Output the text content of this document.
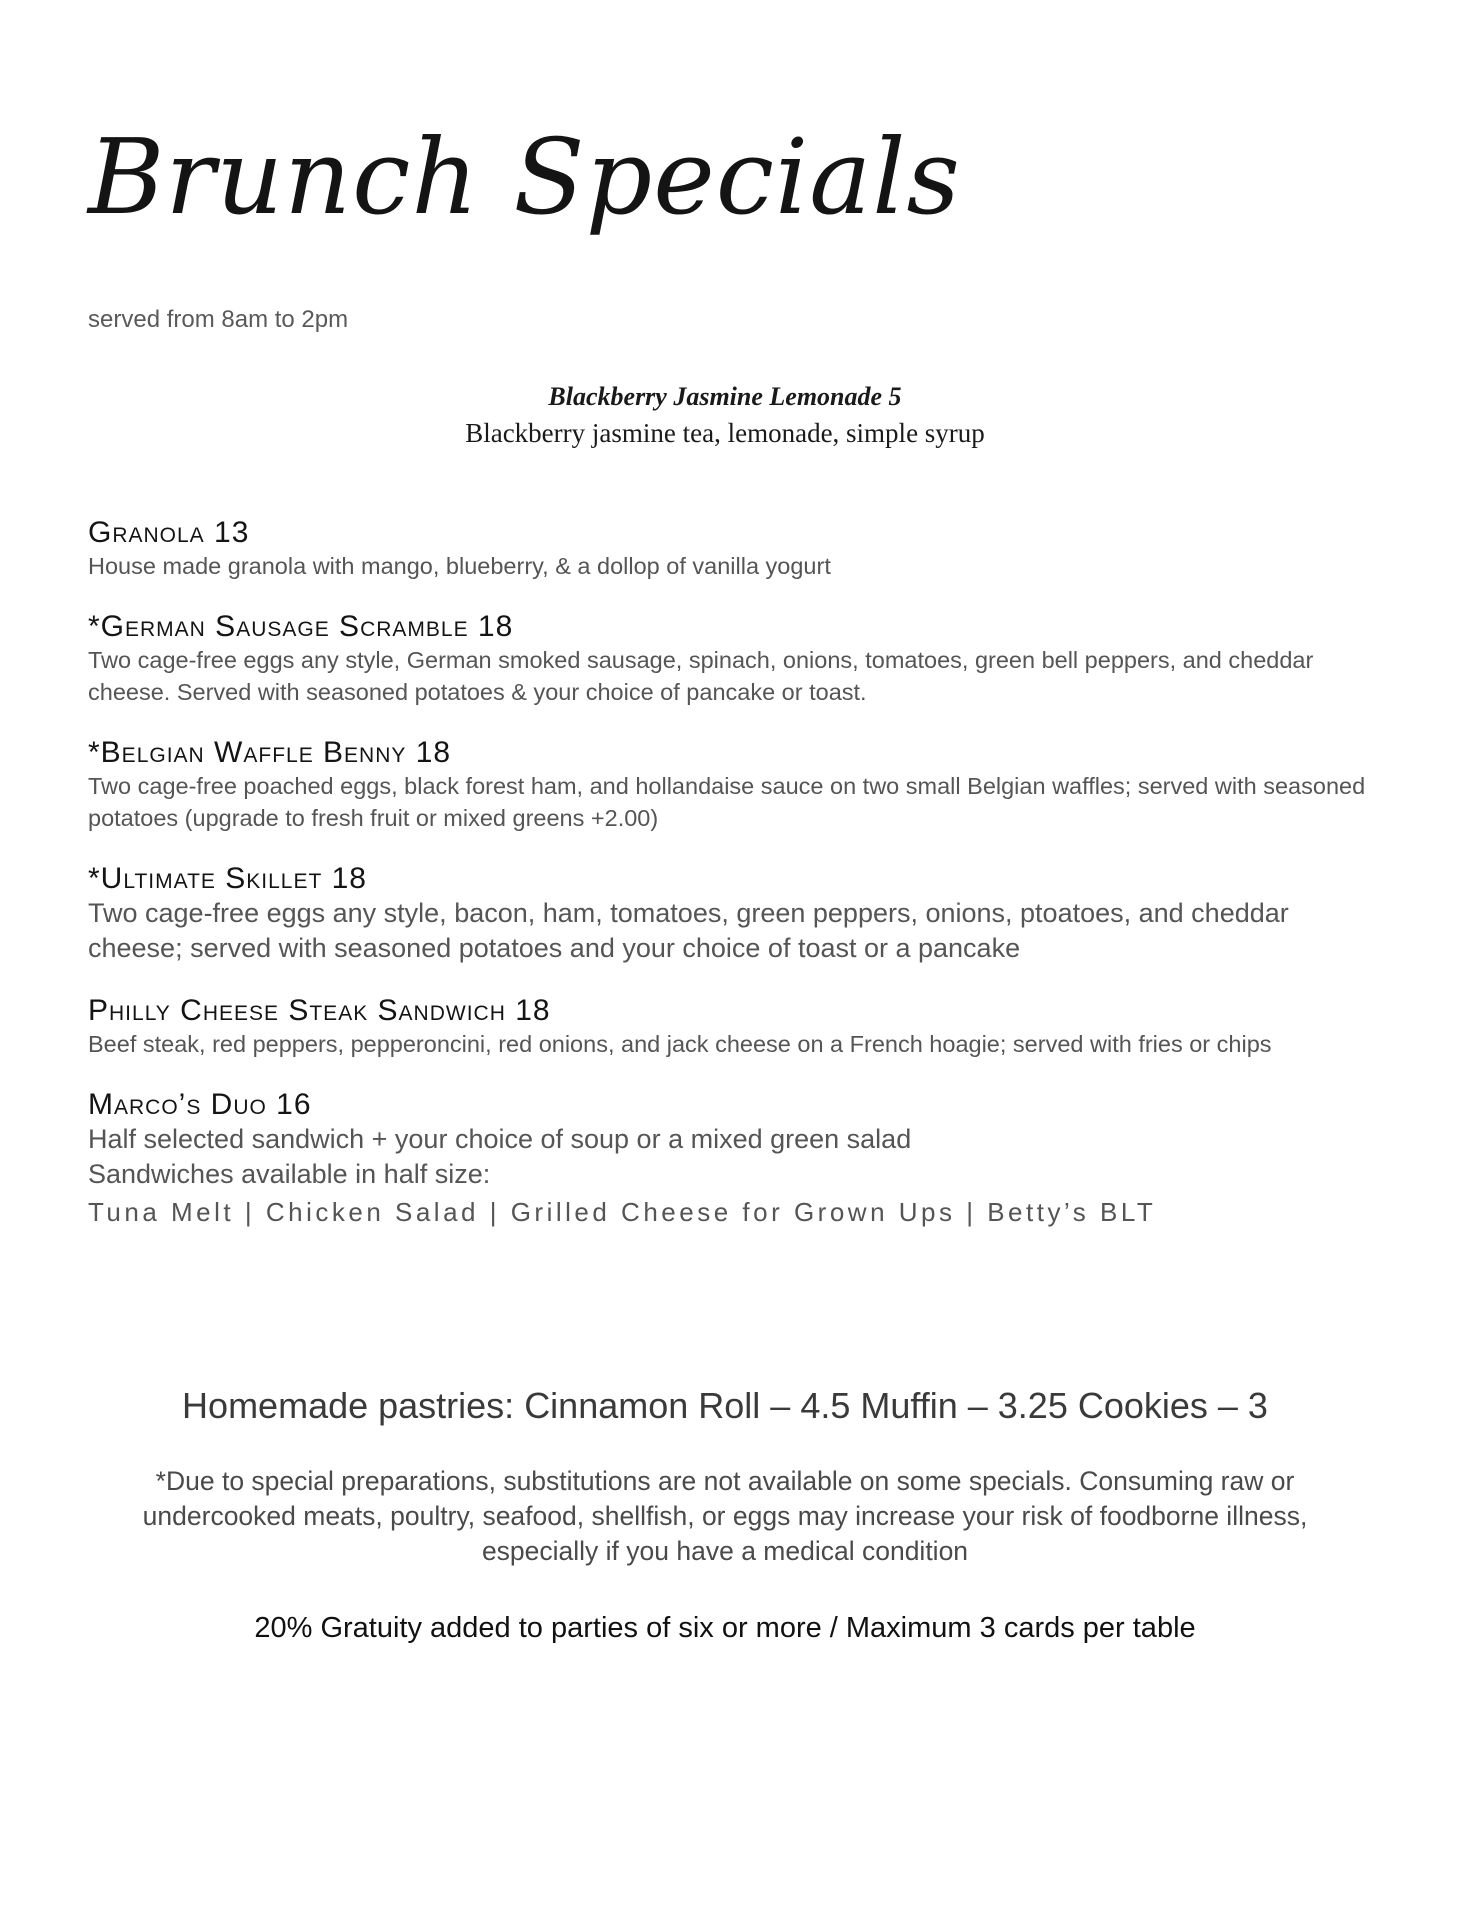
Brunch Specials

served from 8am to 2pm

Blackberry Jasmine Lemonade 5
Blackberry jasmine tea, lemonade, simple syrup
Granola 13
House made granola with mango, blueberry, & a dollop of vanilla yogurt
*German Sausage Scramble 18
Two cage-free eggs any style, German smoked sausage, spinach, onions, tomatoes, green bell peppers, and cheddar cheese. Served with seasoned potatoes & your choice of pancake or toast.
*Belgian Waffle Benny 18
Two cage-free poached eggs, black forest ham, and hollandaise sauce on two small Belgian waffles; served with seasoned potatoes (upgrade to fresh fruit or mixed greens +2.00)
*Ultimate Skillet 18
Two cage-free eggs any style, bacon, ham, tomatoes, green peppers, onions, ptoatoes, and cheddar cheese; served with seasoned potatoes and your choice of toast or a pancake
Philly Cheese Steak Sandwich 18
Beef steak, red peppers, pepperoncini, red onions, and jack cheese on a French hoagie; served with fries or chips
Marco’s Duo 16
Half selected sandwich + your choice of soup or a mixed green salad
Sandwiches available in half size:
Tuna Melt | Chicken Salad | Grilled Cheese for Grown Ups | Betty’s BLT
Homemade pastries: Cinnamon Roll – 4.5 Muffin – 3.25 Cookies – 3
*Due to special preparations, substitutions are not available on some specials. Consuming raw or undercooked meats, poultry, seafood, shellfish, or eggs may increase your risk of foodborne illness, especially if you have a medical condition
20% Gratuity added to parties of six or more / Maximum 3 cards per table
